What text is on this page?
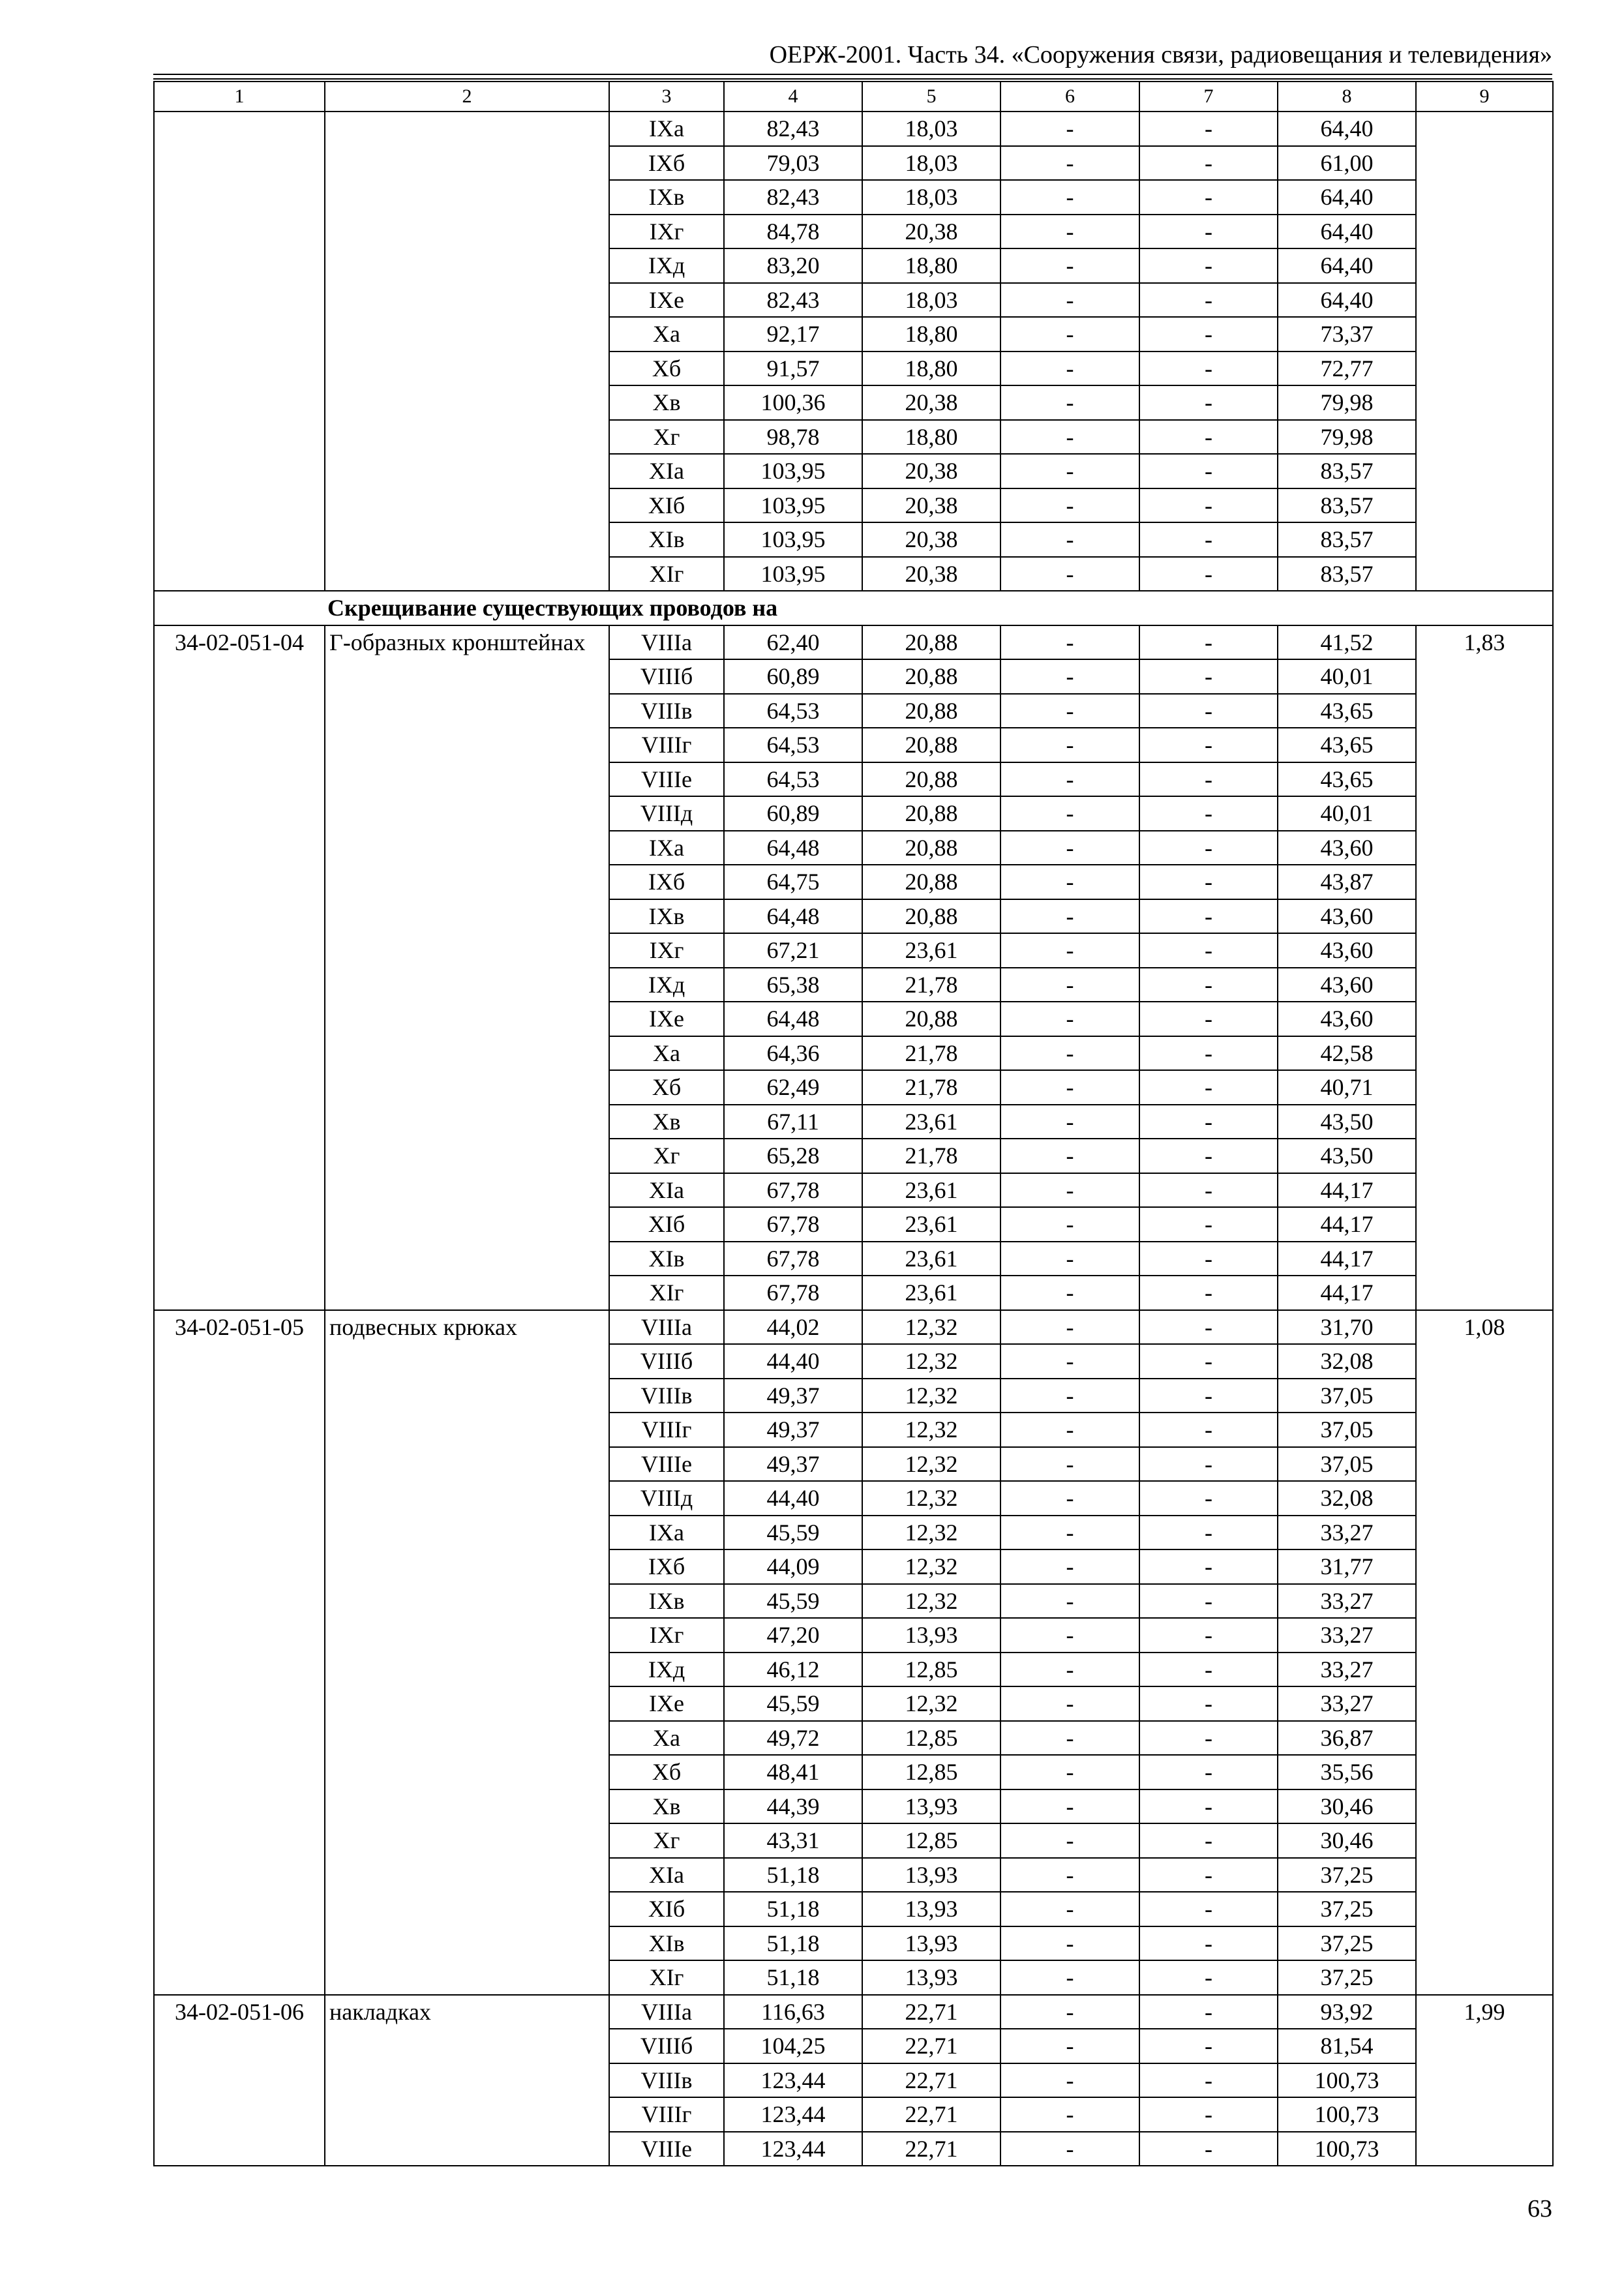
ОЕРЖ-2001. Часть 34. «Сооружения связи, радиовещания и телевидения»
1	2	3	4	5	6	7	8	9
		IXа	82,43	18,03	-	-	64,40	
		IXб	79,03	18,03	-	-	61,00	
		IXв	82,43	18,03	-	-	64,40	
		IXг	84,78	20,38	-	-	64,40	
		IXд	83,20	18,80	-	-	64,40	
		IXе	82,43	18,03	-	-	64,40	
		Xа	92,17	18,80	-	-	73,37	
		Xб	91,57	18,80	-	-	72,77	
		Xв	100,36	20,38	-	-	79,98	
		Xг	98,78	18,80	-	-	79,98	
		XIа	103,95	20,38	-	-	83,57	
		XIб	103,95	20,38	-	-	83,57	
		XIв	103,95	20,38	-	-	83,57	
		XIг	103,95	20,38	-	-	83,57	
Скрещивание существующих проводов на								
34-02-051-04	Г-образных кронштейнах	VIIIа	62,40	20,88	-	-	41,52	1,83
		VIIIб	60,89	20,88	-	-	40,01	
		VIIIв	64,53	20,88	-	-	43,65	
		VIIIг	64,53	20,88	-	-	43,65	
		VIIIе	64,53	20,88	-	-	43,65	
		VIIIд	60,89	20,88	-	-	40,01	
		IXа	64,48	20,88	-	-	43,60	
		IXб	64,75	20,88	-	-	43,87	
		IXв	64,48	20,88	-	-	43,60	
		IXг	67,21	23,61	-	-	43,60	
		IXд	65,38	21,78	-	-	43,60	
		IXе	64,48	20,88	-	-	43,60	
		Xа	64,36	21,78	-	-	42,58	
		Xб	62,49	21,78	-	-	40,71	
		Xв	67,11	23,61	-	-	43,50	
		Xг	65,28	21,78	-	-	43,50	
		XIа	67,78	23,61	-	-	44,17	
		XIб	67,78	23,61	-	-	44,17	
		XIв	67,78	23,61	-	-	44,17	
		XIг	67,78	23,61	-	-	44,17	
34-02-051-05	подвесных крюках	VIIIа	44,02	12,32	-	-	31,70	1,08
		VIIIб	44,40	12,32	-	-	32,08	
		VIIIв	49,37	12,32	-	-	37,05	
		VIIIг	49,37	12,32	-	-	37,05	
		VIIIе	49,37	12,32	-	-	37,05	
		VIIIд	44,40	12,32	-	-	32,08	
		IXа	45,59	12,32	-	-	33,27	
		IXб	44,09	12,32	-	-	31,77	
		IXв	45,59	12,32	-	-	33,27	
		IXг	47,20	13,93	-	-	33,27	
		IXд	46,12	12,85	-	-	33,27	
		IXе	45,59	12,32	-	-	33,27	
		Xа	49,72	12,85	-	-	36,87	
		Xб	48,41	12,85	-	-	35,56	
		Xв	44,39	13,93	-	-	30,46	
		Xг	43,31	12,85	-	-	30,46	
		XIа	51,18	13,93	-	-	37,25	
		XIб	51,18	13,93	-	-	37,25	
		XIв	51,18	13,93	-	-	37,25	
		XIг	51,18	13,93	-	-	37,25	
34-02-051-06	накладках	VIIIа	116,63	22,71	-	-	93,92	1,99
		VIIIб	104,25	22,71	-	-	81,54	
		VIIIв	123,44	22,71	-	-	100,73	
		VIIIг	123,44	22,71	-	-	100,73	
		VIIIе	123,44	22,71	-	-	100,73	
63
